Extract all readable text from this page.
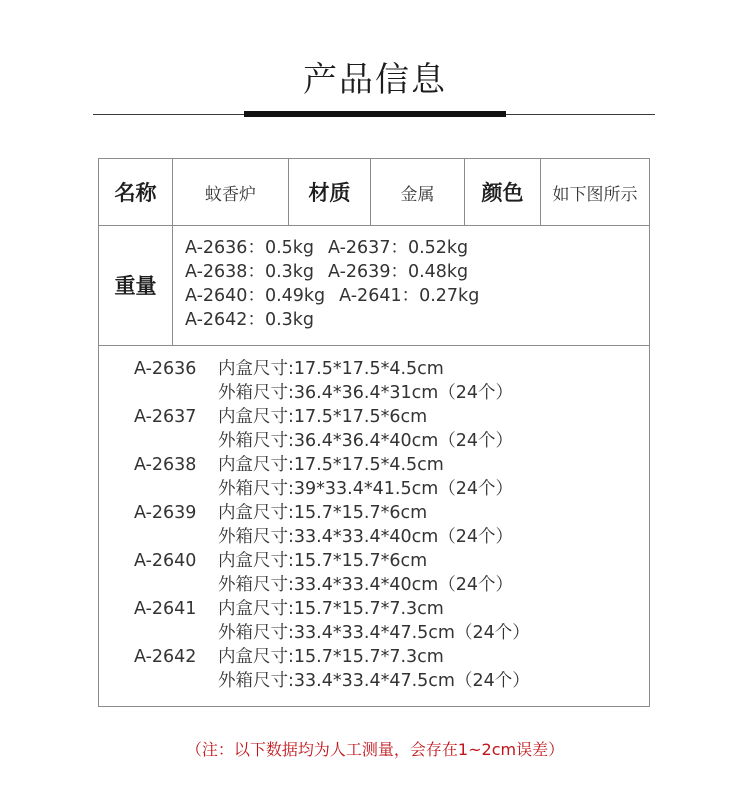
产品信息
名称	蚊香炉	材质	金属	颜色	如下图所示
重量
A-2636：0.5kg A-2637：0.52kg
A-2638：0.3kg A-2639：0.48kg
A-2640：0.49kg A-2641：0.27kg
A-2642：0.3kg
A-2636 内盒尺寸:17.5*17.5*4.5cm
外箱尺寸:36.4*36.4*31cm（24个）
A-2637 内盒尺寸:17.5*17.5*6cm
外箱尺寸:36.4*36.4*40cm（24个）
A-2638 内盒尺寸:17.5*17.5*4.5cm
外箱尺寸:39*33.4*41.5cm（24个）
A-2639 内盒尺寸:15.7*15.7*6cm
外箱尺寸:33.4*33.4*40cm（24个）
A-2640 内盒尺寸:15.7*15.7*6cm
外箱尺寸:33.4*33.4*40cm（24个）
A-2641 内盒尺寸:15.7*15.7*7.3cm
外箱尺寸:33.4*33.4*47.5cm（24个）
A-2642 内盒尺寸:15.7*15.7*7.3cm
外箱尺寸:33.4*33.4*47.5cm（24个）
（注：以下数据均为人工测量，会存在1~2cm误差）
